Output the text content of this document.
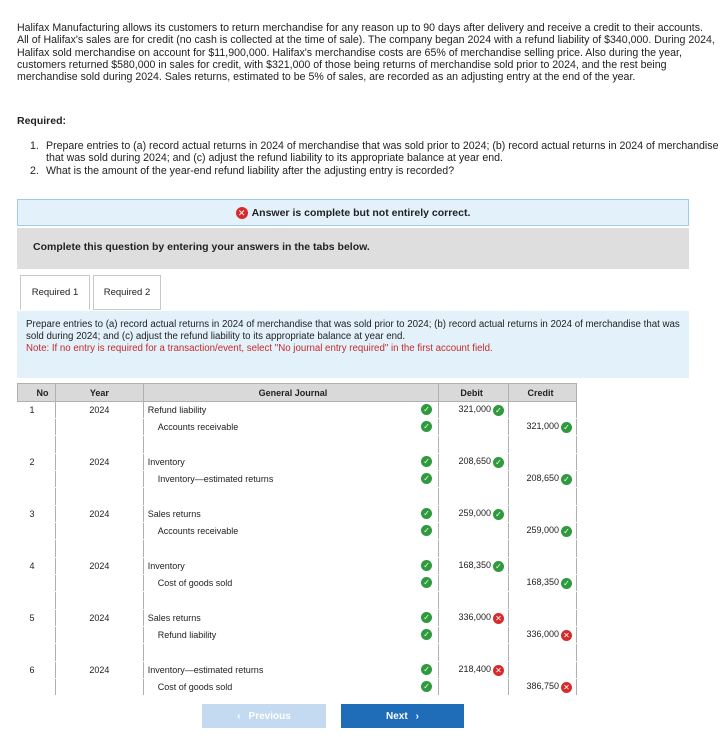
Halifax Manufacturing allows its customers to return merchandise for any reason up to 90 days after delivery and receive a credit to their accounts. All of Halifax's sales are for credit (no cash is collected at the time of sale). The company began 2024 with a refund liability of $340,000. During 2024, Halifax sold merchandise on account for $11,900,000. Halifax's merchandise costs are 65% of merchandise selling price. Also during the year, customers returned $580,000 in sales for credit, with $321,000 of those being returns of merchandise sold prior to 2024, and the rest being merchandise sold during 2024. Sales returns, estimated to be 5% of sales, are recorded as an adjusting entry at the end of the year.
Required:
1. Prepare entries to (a) record actual returns in 2024 of merchandise that was sold prior to 2024; (b) record actual returns in 2024 of merchandise that was sold during 2024; and (c) adjust the refund liability to its appropriate balance at year end.
2. What is the amount of the year-end refund liability after the adjusting entry is recorded?
✕ Answer is complete but not entirely correct.
Complete this question by entering your answers in the tabs below.
Required 1	Required 2
Prepare entries to (a) record actual returns in 2024 of merchandise that was sold prior to 2024; (b) record actual returns in 2024 of merchandise that was sold during 2024; and (c) adjust the refund liability to its appropriate balance at year end.
Note: If no entry is required for a transaction/event, select "No journal entry required" in the first account field.
No	Year	General Journal	Debit	Credit
1	2024	Refund liability ✓	321,000 ✓	
		Accounts receivable ✓		321,000 ✓

2	2024	Inventory ✓	208,650 ✓	
		Inventory—estimated returns ✓		208,650 ✓

3	2024	Sales returns ✓	259,000 ✓	
		Accounts receivable ✓		259,000 ✓

4	2024	Inventory ✓	168,350 ✓	
		Cost of goods sold ✓		168,350 ✓

5	2024	Sales returns ✓	336,000 ✕	
		Refund liability ✓		336,000 ✕

6	2024	Inventory—estimated returns ✓	218,400 ✕	
		Cost of goods sold ✓		386,750 ✕
‹ Previous	Next ›
